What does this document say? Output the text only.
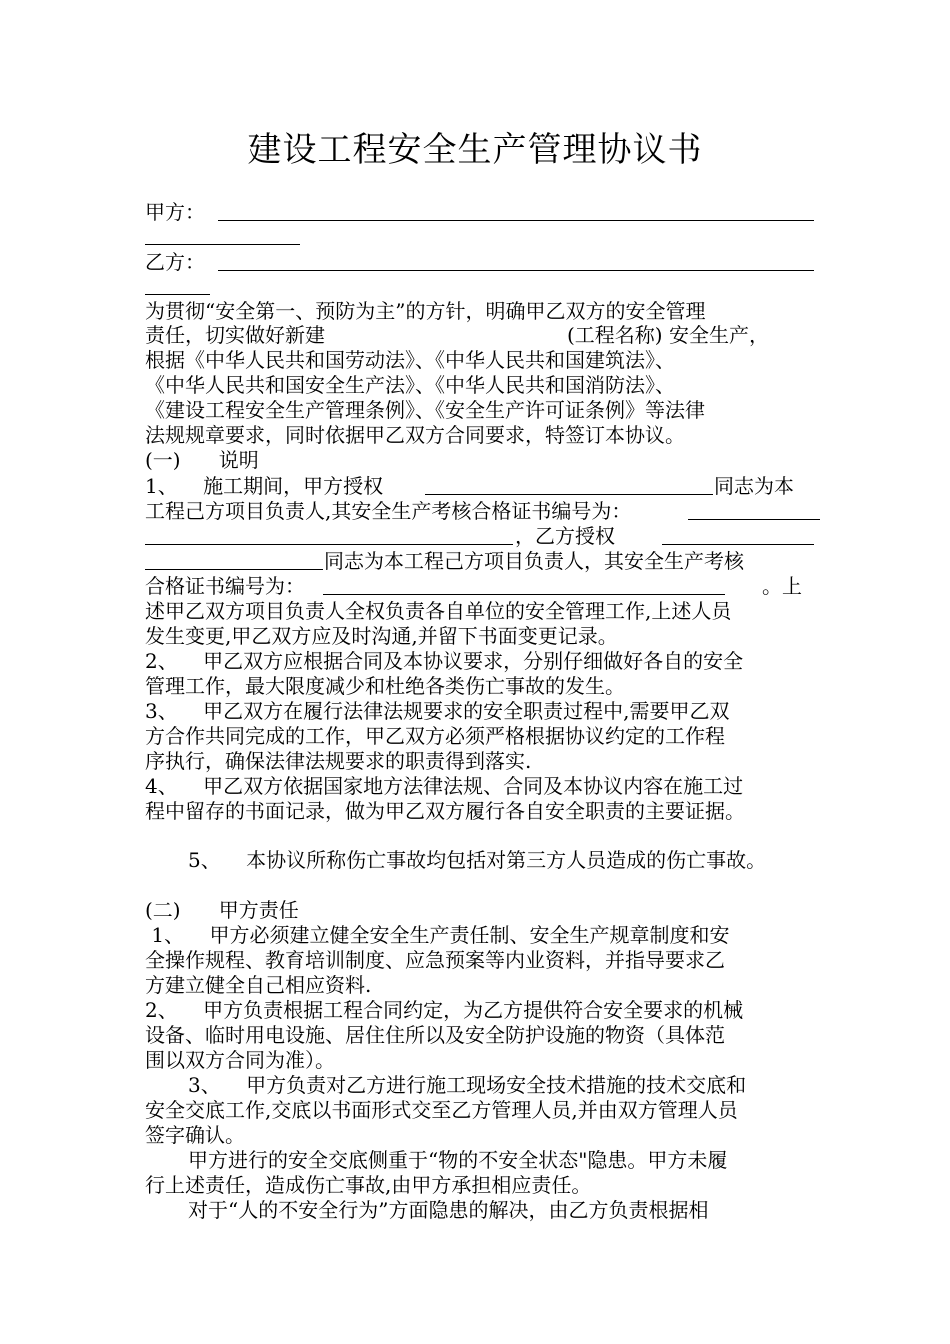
建设工程安全生产管理协议书
甲方：
乙方：
为贯彻“安全第一、预防为主”的方针，明确甲乙双方的安全管理
责任，切实做好新建	(工程名称) 安全生产，
根据《中华人民共和国劳动法》、《中华人民共和国建筑法》、
《中华人民共和国安全生产法》、《中华人民共和国消防法》、
《建设工程安全生产管理条例》、《安全生产许可证条例》等法律
法规规章要求，同时依据甲乙双方合同要求，特签订本协议。
(一)      说明
1、    施工期间，甲方授权	同志为本
工程己方项目负责人,其安全生产考核合格证书编号为：
，乙方授权
同志为本工程己方项目负责人，其安全生产考核
合格证书编号为：	。上
述甲乙双方项目负责人全权负责各自单位的安全管理工作,上述人员
发生变更,甲乙双方应及时沟通,并留下书面变更记录。
2、    甲乙双方应根据合同及本协议要求，分别仔细做好各自的安全
管理工作，最大限度减少和杜绝各类伤亡事故的发生。
3、    甲乙双方在履行法律法规要求的安全职责过程中,需要甲乙双
方合作共同完成的工作，甲乙双方必须严格根据协议约定的工作程
序执行，确保法律法规要求的职责得到落实.
4、    甲乙双方依据国家地方法律法规、合同及本协议内容在施工过
程中留存的书面记录，做为甲乙双方履行各自安全职责的主要证据。
5、    本协议所称伤亡事故均包括对第三方人员造成的伤亡事故。
(二)      甲方责任
1、    甲方必须建立健全安全生产责任制、安全生产规章制度和安
全操作规程、教育培训制度、应急预案等内业资料，并指导要求乙
方建立健全自己相应资料.
2、    甲方负责根据工程合同约定，为乙方提供符合安全要求的机械
设备、临时用电设施、居住住所以及安全防护设施的物资（具体范
围以双方合同为准）。
3、    甲方负责对乙方进行施工现场安全技术措施的技术交底和
安全交底工作,交底以书面形式交至乙方管理人员,并由双方管理人员
签字确认。
甲方进行的安全交底侧重于“物的不安全状态"隐患。甲方未履
行上述责任，造成伤亡事故,由甲方承担相应责任。
对于“人的不安全行为”方面隐患的解决，由乙方负责根据相
